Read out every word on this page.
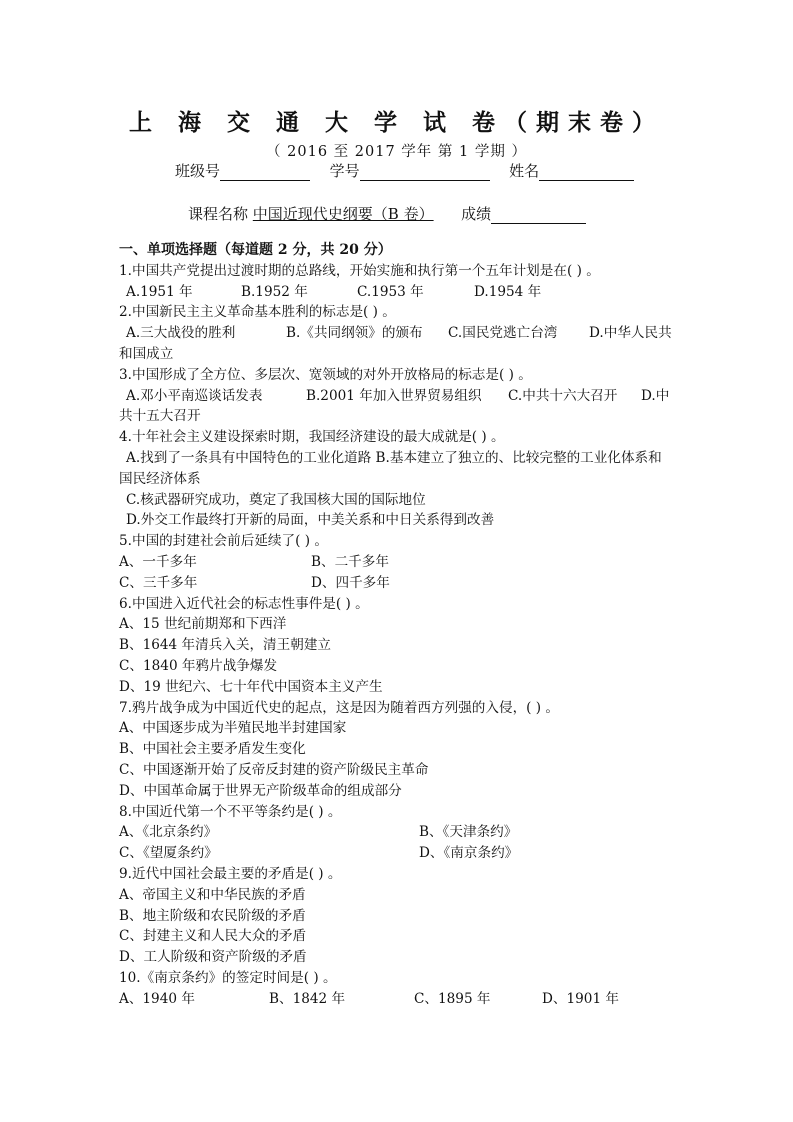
上 海 交 通 大 学 试 卷（期末卷）
（ 2016 至 2017 学年 第 1 学期 ）
班级号	学号	姓名
课程名称 中国近现代史纲要（B 卷） 成绩
一、单项选择题（每道题 2 分，共 20 分）
1.中国共产党提出过渡时期的总路线，开始实施和执行第一个五年计划是在( ) 。
A.1951 年	B.1952 年	C.1953 年	D.1954 年
2.中国新民主主义革命基本胜利的标志是( ) 。
A.三大战役的胜利	B.《共同纲领》的颁布 C.国民党逃亡台湾 D.中华人民共
和国成立
3.中国形成了全方位、多层次、宽领域的对外开放格局的标志是( ) 。
A.邓小平南巡谈话发表	B.2001 年加入世界贸易组织 C.中共十六大召开 D.中
共十五大召开
4.十年社会主义建设探索时期，我国经济建设的最大成就是( ) 。
A.找到了一条具有中国特色的工业化道路 B.基本建立了独立的、比较完整的工业化体系和
国民经济体系
C.核武器研究成功，奠定了我国核大国的国际地位
D.外交工作最终打开新的局面，中美关系和中日关系得到改善
5.中国的封建社会前后延续了( ) 。
A、一千多年	B、二千多年
C、三千多年	D、四千多年
6.中国进入近代社会的标志性事件是( ) 。
A、15 世纪前期郑和下西洋
B、1644 年清兵入关，清王朝建立
C、1840 年鸦片战争爆发
D、19 世纪六、七十年代中国资本主义产生
7.鸦片战争成为中国近代史的起点，这是因为随着西方列强的入侵，( ) 。
A、中国逐步成为半殖民地半封建国家
B、中国社会主要矛盾发生变化
C、中国逐渐开始了反帝反封建的资产阶级民主革命
D、中国革命属于世界无产阶级革命的组成部分
8.中国近代第一个不平等条约是( ) 。
A、《北京条约》	B、《天津条约》
C、《望厦条约》	D、《南京条约》
9.近代中国社会最主要的矛盾是( ) 。
A、帝国主义和中华民族的矛盾
B、地主阶级和农民阶级的矛盾
C、封建主义和人民大众的矛盾
D、工人阶级和资产阶级的矛盾
10.《南京条约》的签定时间是( ) 。
A、1940 年	B、1842 年	C、1895 年	D、1901 年
